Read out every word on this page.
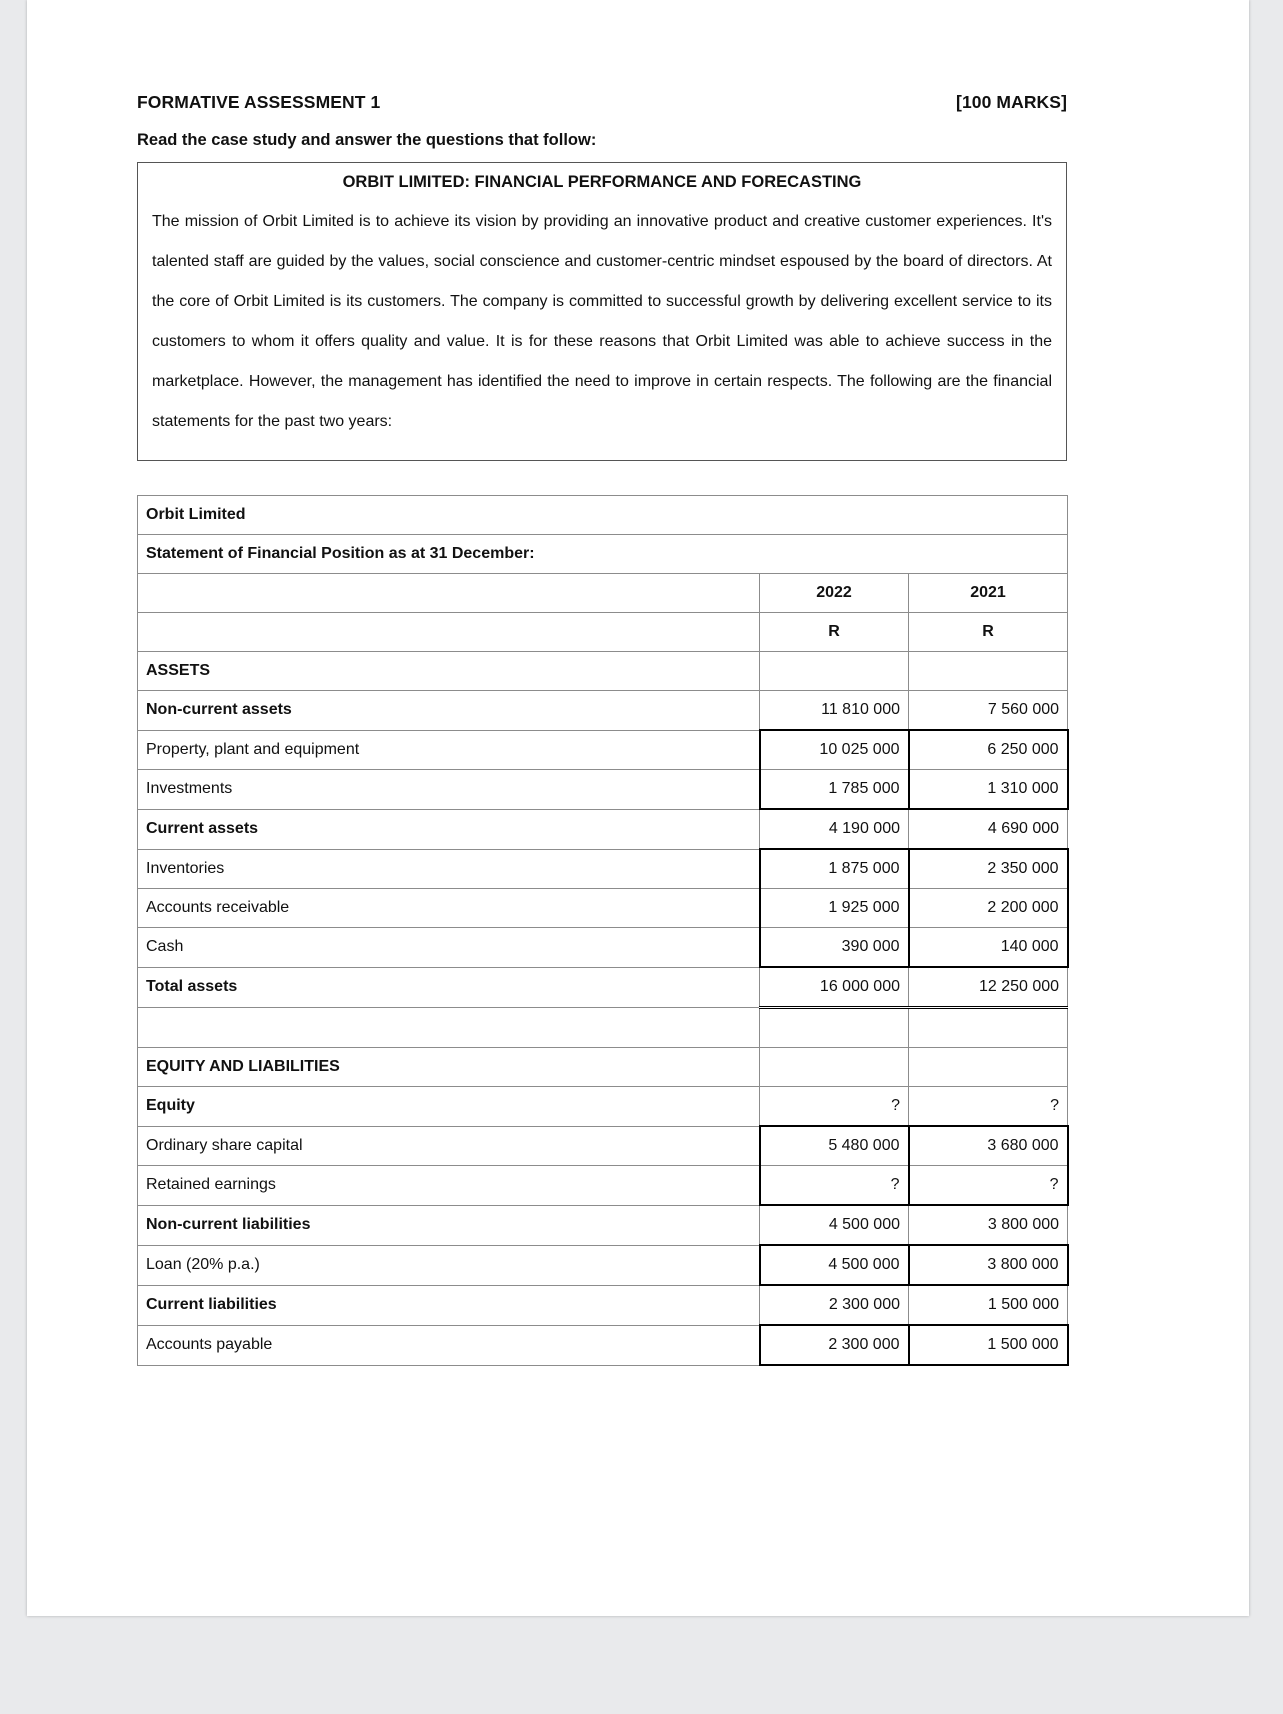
FORMATIVE ASSESSMENT 1	[100 MARKS]
Read the case study and answer the questions that follow:
ORBIT LIMITED: FINANCIAL PERFORMANCE AND FORECASTING
The mission of Orbit Limited is to achieve its vision by providing an innovative product and creative customer experiences. It's talented staff are guided by the values, social conscience and customer-centric mindset espoused by the board of directors. At the core of Orbit Limited is its customers. The company is committed to successful growth by delivering excellent service to its customers to whom it offers quality and value. It is for these reasons that Orbit Limited was able to achieve success in the marketplace. However, the management has identified the need to improve in certain respects. The following are the financial statements for the past two years:
Orbit Limited		
Statement of Financial Position as at 31 December:		
	2022	2021
	R	R
ASSETS		
Non-current assets	11 810 000	7 560 000
Property, plant and equipment	10 025 000	6 250 000
Investments	1 785 000	1 310 000
Current assets	4 190 000	4 690 000
Inventories	1 875 000	2 350 000
Accounts receivable	1 925 000	2 200 000
Cash	390 000	140 000
Total assets	16 000 000	12 250 000

EQUITY AND LIABILITIES		
Equity	?	?
Ordinary share capital	5 480 000	3 680 000
Retained earnings	?	?
Non-current liabilities	4 500 000	3 800 000
Loan (20% p.a.)	4 500 000	3 800 000
Current liabilities	2 300 000	1 500 000
Accounts payable	2 300 000	1 500 000
